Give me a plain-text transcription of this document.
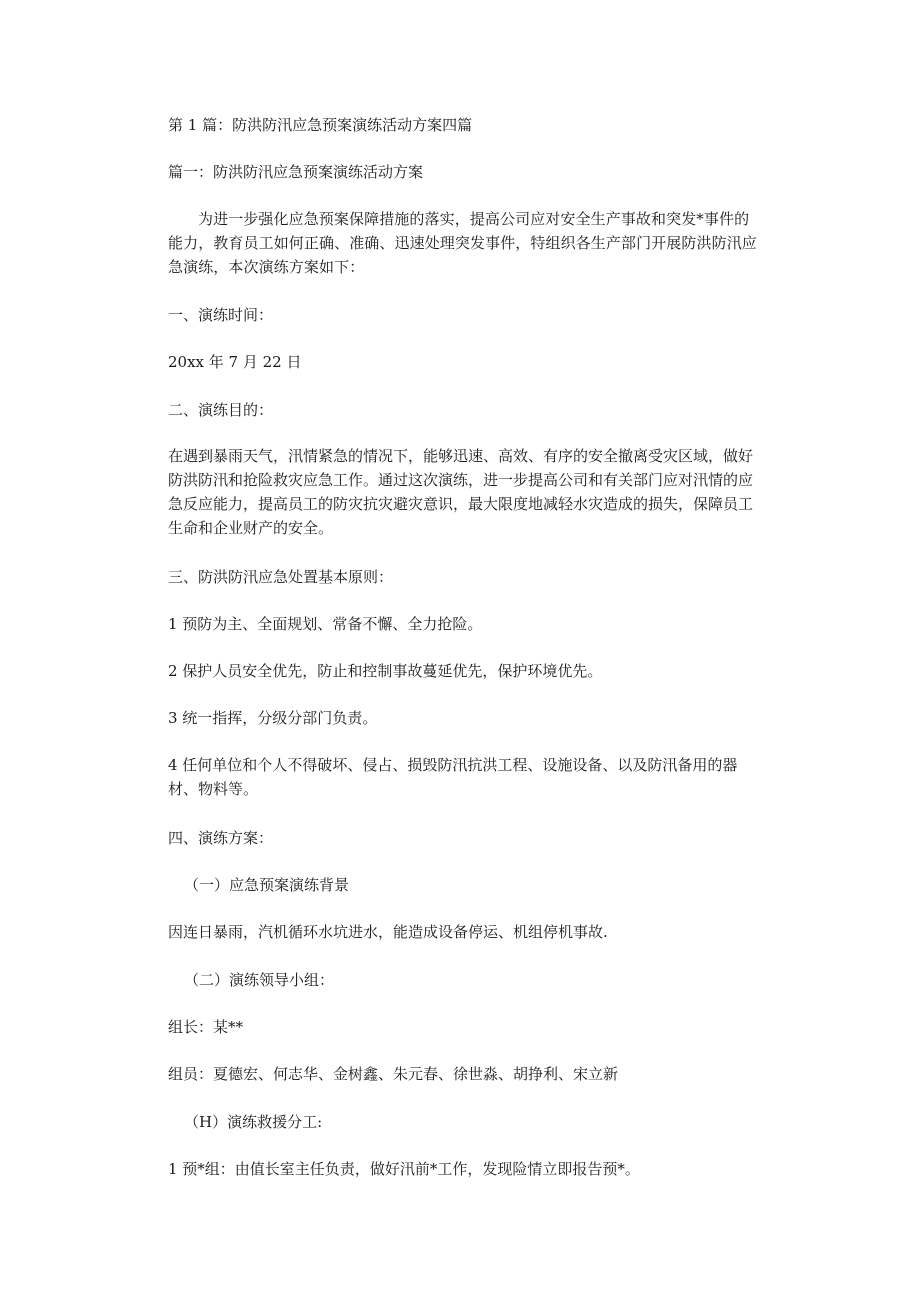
第 1 篇：防洪防汛应急预案演练活动方案四篇
篇一：防洪防汛应急预案演练活动方案
为进一步强化应急预案保障措施的落实，提高公司应对安全生产事故和突发*事件的能力，教育员工如何正确、准确、迅速处理突发事件，特组织各生产部门开展防洪防汛应急演练，本次演练方案如下：
一、演练时间：
20xx 年 7 月 22 日
二、演练目的：
在遇到暴雨天气，汛情紧急的情况下，能够迅速、高效、有序的安全撤离受灾区域，做好防洪防汛和抢险救灾应急工作。通过这次演练，进一步提高公司和有关部门应对汛情的应急反应能力，提高员工的防灾抗灾避灾意识，最大限度地减轻水灾造成的损失，保障员工生命和企业财产的安全。
三、防洪防汛应急处置基本原则：
1 预防为主、全面规划、常备不懈、全力抢险。
2 保护人员安全优先，防止和控制事故蔓延优先，保护环境优先。
3 统一指挥，分级分部门负责。
4 任何单位和个人不得破坏、侵占、损毁防汛抗洪工程、设施设备、以及防汛备用的器材、物料等。
四、演练方案：
（一）应急预案演练背景
因连日暴雨，汽机循环水坑进水，能造成设备停运、机组停机事故.
（二）演练领导小组：
组长：某**
组员：夏德宏、何志华、金树鑫、朱元春、徐世淼、胡挣利、宋立新
（H）演练救援分工:
1 预*组：由值长室主任负责，做好汛前*工作，发现险情立即报告预*。
